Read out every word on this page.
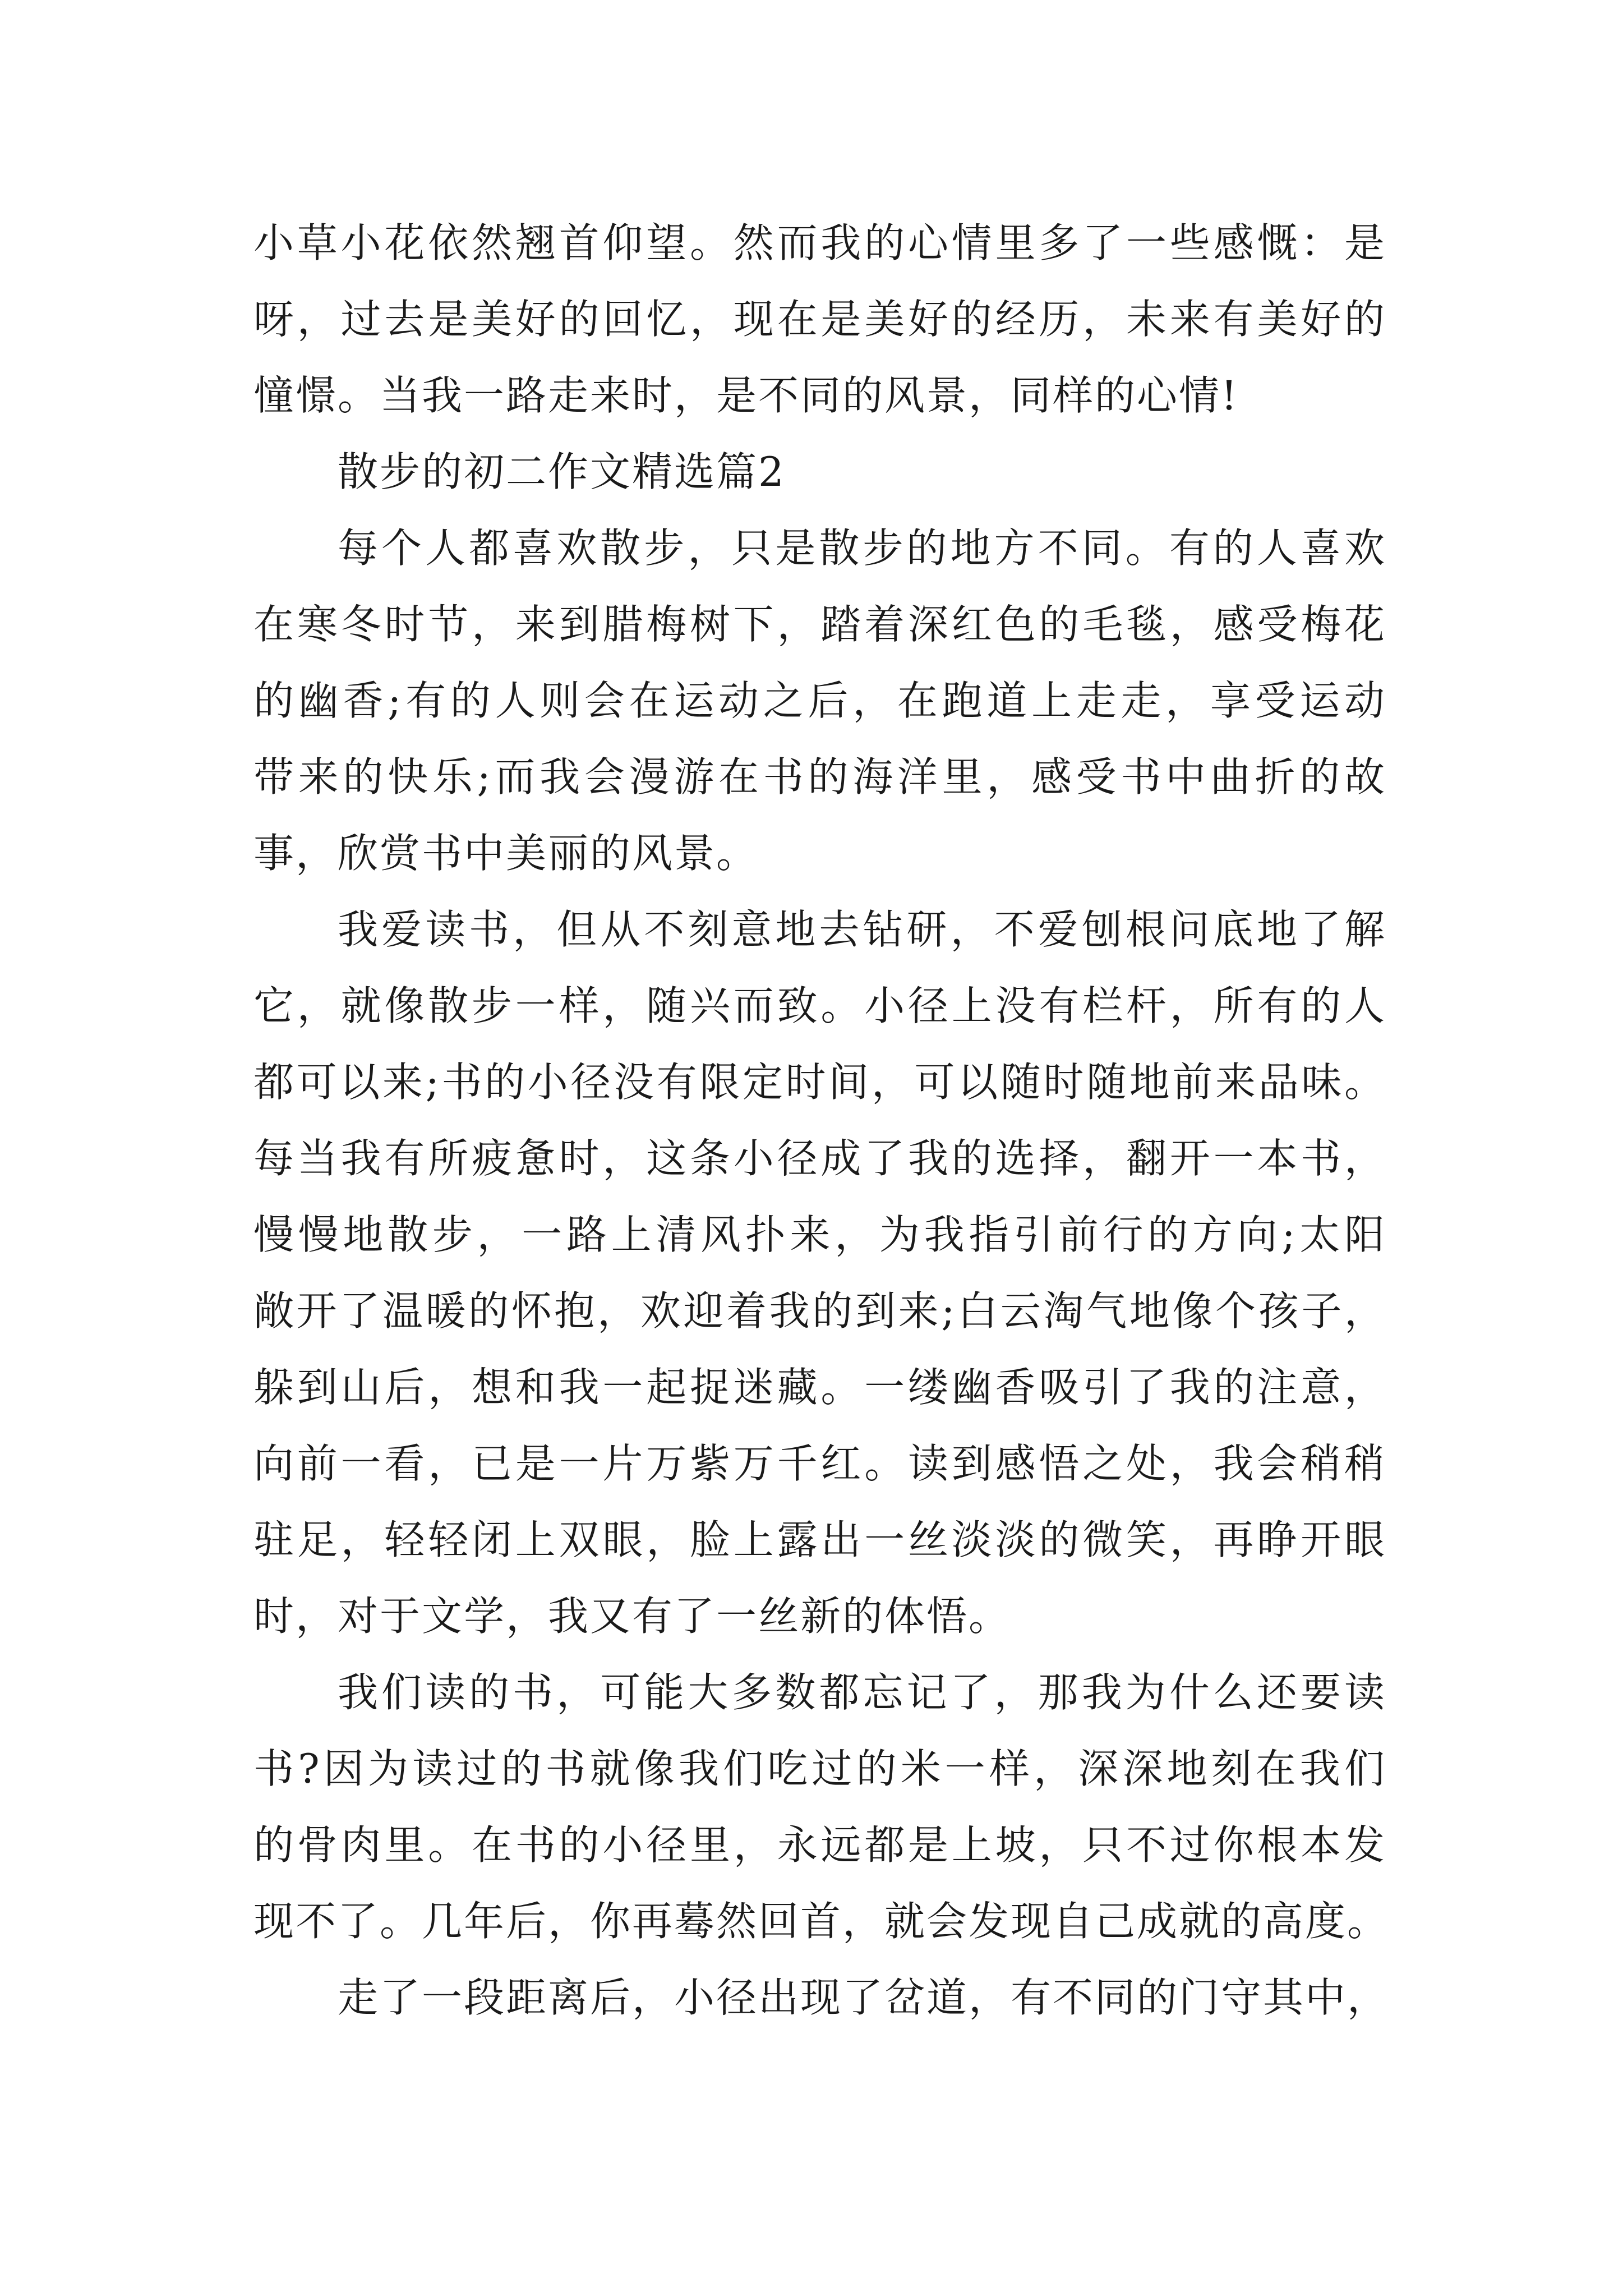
小草小花依然翘首仰望。然而我的心情里多了一些感慨：是
呀，过去是美好的回忆，现在是美好的经历，未来有美好的
憧憬。当我一路走来时，是不同的风景，同样的心情!
散步的初二作文精选篇2
每个人都喜欢散步，只是散步的地方不同。有的人喜欢
在寒冬时节，来到腊梅树下，踏着深红色的毛毯，感受梅花
的幽香;有的人则会在运动之后，在跑道上走走，享受运动
带来的快乐;而我会漫游在书的海洋里，感受书中曲折的故
事，欣赏书中美丽的风景。
我爱读书，但从不刻意地去钻研，不爱刨根问底地了解
它，就像散步一样，随兴而致。小径上没有栏杆，所有的人
都可以来;书的小径没有限定时间，可以随时随地前来品味。
每当我有所疲惫时，这条小径成了我的选择，翻开一本书，
慢慢地散步，一路上清风扑来，为我指引前行的方向;太阳
敞开了温暖的怀抱，欢迎着我的到来;白云淘气地像个孩子，
躲到山后，想和我一起捉迷藏。一缕幽香吸引了我的注意，
向前一看，已是一片万紫万千红。读到感悟之处，我会稍稍
驻足，轻轻闭上双眼，脸上露出一丝淡淡的微笑，再睁开眼
时，对于文学，我又有了一丝新的体悟。
我们读的书，可能大多数都忘记了，那我为什么还要读
书?因为读过的书就像我们吃过的米一样，深深地刻在我们
的骨肉里。在书的小径里，永远都是上坡，只不过你根本发
现不了。几年后，你再蓦然回首，就会发现自己成就的高度。
走了一段距离后，小径出现了岔道，有不同的门守其中，
